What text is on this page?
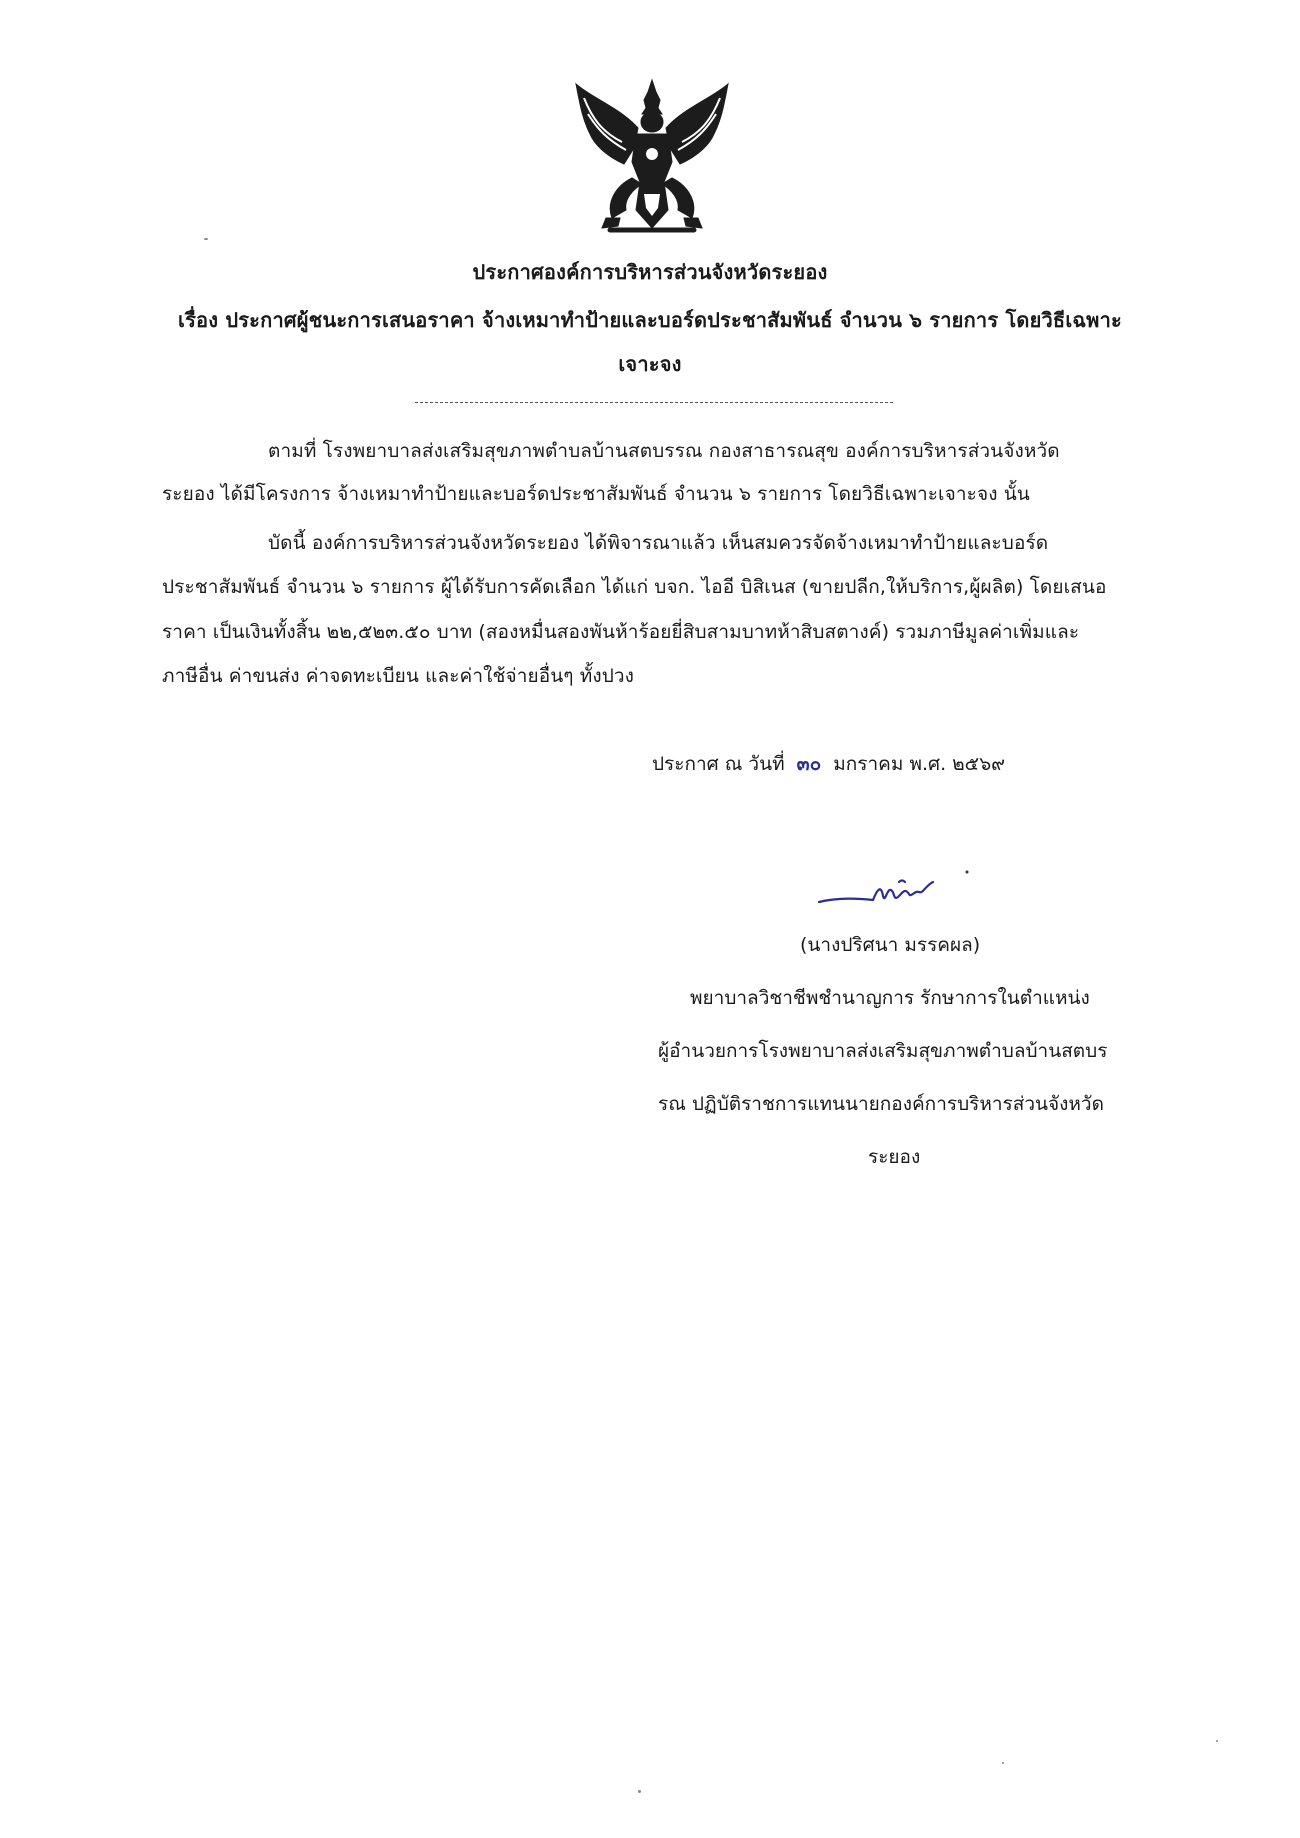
ประกาศองค์การบริหารส่วนจังหวัดระยอง
เรื่อง ประกาศผู้ชนะการเสนอราคา จ้างเหมาทำป้ายและบอร์ดประชาสัมพันธ์ จำนวน ๖ รายการ โดยวิธีเฉพาะ
เจาะจง
ตามที่ โรงพยาบาลส่งเสริมสุขภาพตำบลบ้านสตบรรณ กองสาธารณสุข องค์การบริหารส่วนจังหวัด
ระยอง ได้มีโครงการ จ้างเหมาทำป้ายและบอร์ดประชาสัมพันธ์ จำนวน ๖ รายการ โดยวิธีเฉพาะเจาะจง นั้น
บัดนี้ องค์การบริหารส่วนจังหวัดระยอง ได้พิจารณาแล้ว เห็นสมควรจัดจ้างเหมาทำป้ายและบอร์ด
ประชาสัมพันธ์ จำนวน ๖ รายการ ผู้ได้รับการคัดเลือก ได้แก่ บจก. ไออี บิสิเนส (ขายปลีก,ให้บริการ,ผู้ผลิต) โดยเสนอ
ราคา เป็นเงินทั้งสิ้น ๒๒,๕๒๓.๕๐ บาท (สองหมื่นสองพันห้าร้อยยี่สิบสามบาทห้าสิบสตางค์) รวมภาษีมูลค่าเพิ่มและ
ภาษีอื่น ค่าขนส่ง ค่าจดทะเบียน และค่าใช้จ่ายอื่นๆ ทั้งปวง
ประกาศ ณ วันที่ ๓๐ มกราคม พ.ศ. ๒๕๖๙
(นางปริศนา มรรคผล)
พยาบาลวิชาชีพชำนาญการ รักษาการในตำแหน่ง
ผู้อำนวยการโรงพยาบาลส่งเสริมสุขภาพตำบลบ้านสตบร
รณ ปฏิบัติราชการแทนนายกองค์การบริหารส่วนจังหวัด
ระยอง
